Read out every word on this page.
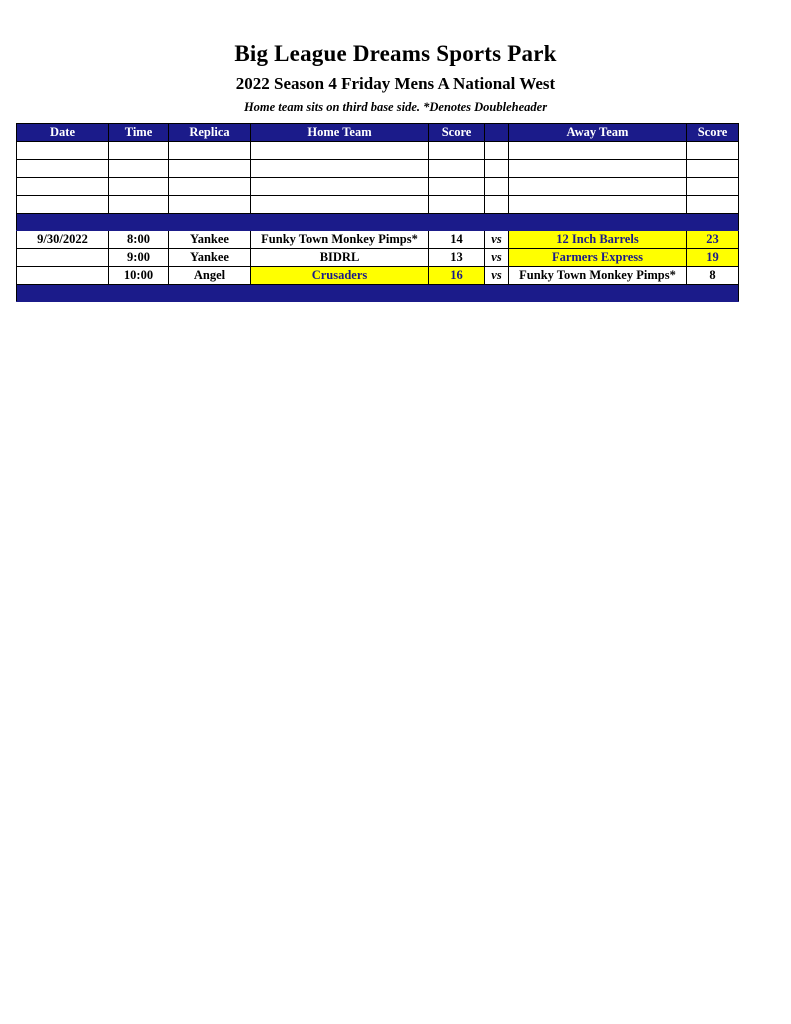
Big League Dreams Sports Park
2022 Season 4 Friday Mens A National West
Home team sits on third base side. *Denotes Doubleheader
Date	Time	Replica	Home Team	Score		Away Team	Score

9/30/2022	8:00	Yankee	Funky Town Monkey Pimps*	14	vs	12 Inch Barrels	23
	9:00	Yankee	BIDRL	13	vs	Farmers Express	19
	10:00	Angel	Crusaders	16	vs	Funky Town Monkey Pimps*	8
